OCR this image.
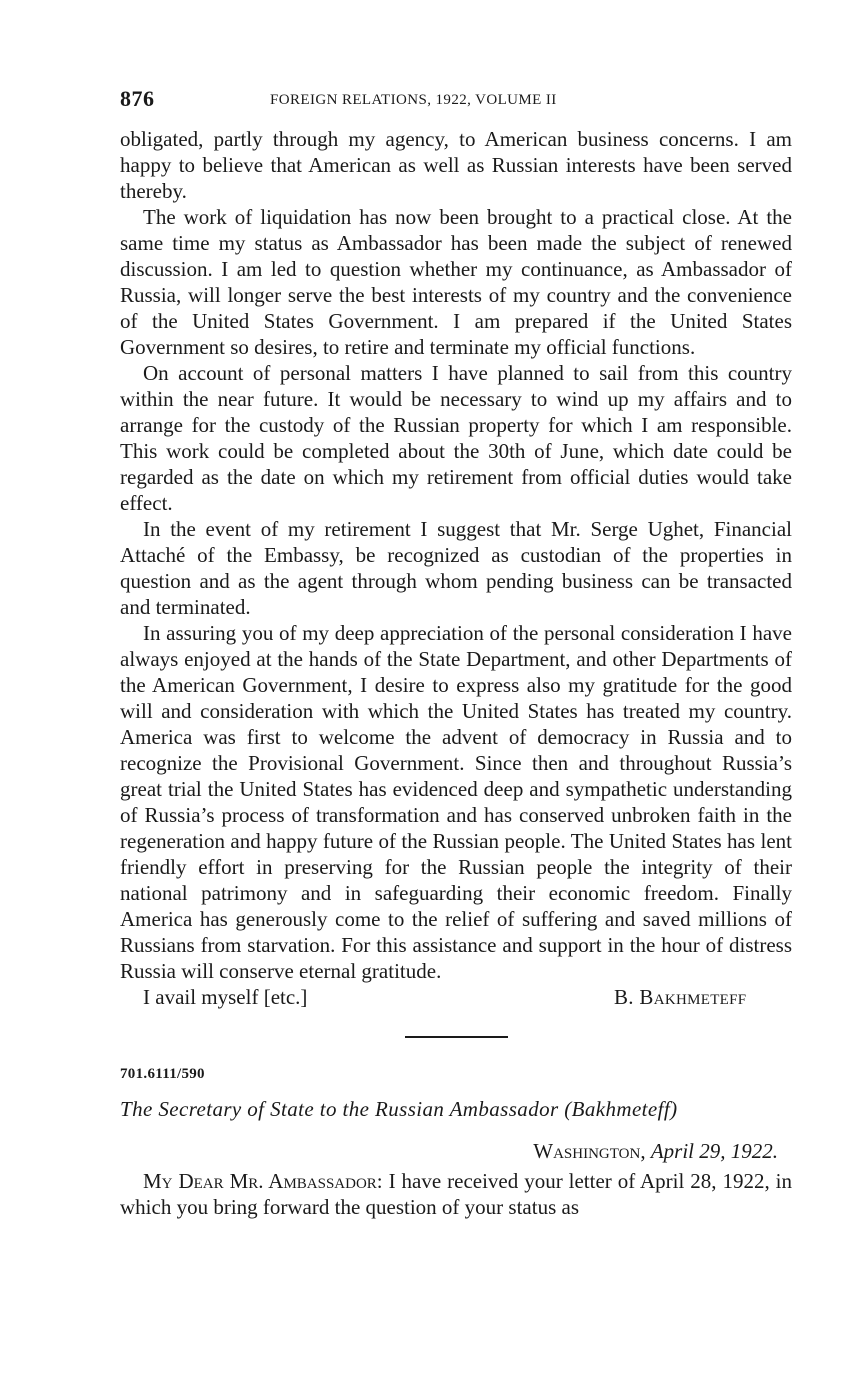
876	FOREIGN RELATIONS, 1922, VOLUME II

obligated, partly through my agency, to American business concerns. I am happy to believe that American as well as Russian interests have been served thereby.

The work of liquidation has now been brought to a practical close. At the same time my status as Ambassador has been made the subject of renewed discussion. I am led to question whether my continuance, as Ambassador of Russia, will longer serve the best interests of my country and the convenience of the United States Government. I am prepared if the United States Government so desires, to retire and terminate my official functions.

On account of personal matters I have planned to sail from this country within the near future. It would be necessary to wind up my affairs and to arrange for the custody of the Russian property for which I am responsible. This work could be completed about the 30th of June, which date could be regarded as the date on which my retirement from official duties would take effect.

In the event of my retirement I suggest that Mr. Serge Ughet, Financial Attaché of the Embassy, be recognized as custodian of the properties in question and as the agent through whom pending business can be transacted and terminated.

In assuring you of my deep appreciation of the personal consideration I have always enjoyed at the hands of the State Department, and other Departments of the American Government, I desire to express also my gratitude for the good will and consideration with which the United States has treated my country. America was first to welcome the advent of democracy in Russia and to recognize the Provisional Government. Since then and throughout Russia’s great trial the United States has evidenced deep and sympathetic understanding of Russia’s process of transformation and has conserved unbroken faith in the regeneration and happy future of the Russian people. The United States has lent friendly effort in preserving for the Russian people the integrity of their national patrimony and in safeguarding their economic freedom. Finally America has generously come to the relief of suffering and saved millions of Russians from starvation. For this assistance and support in the hour of distress Russia will conserve eternal gratitude.

I avail myself [etc.]	B. Bakhmeteff
701.6111/590
The Secretary of State to the Russian Ambassador (Bakhmeteff)
Washington, April 29, 1922.

My Dear Mr. Ambassador: I have received your letter of April 28, 1922, in which you bring forward the question of your status as
